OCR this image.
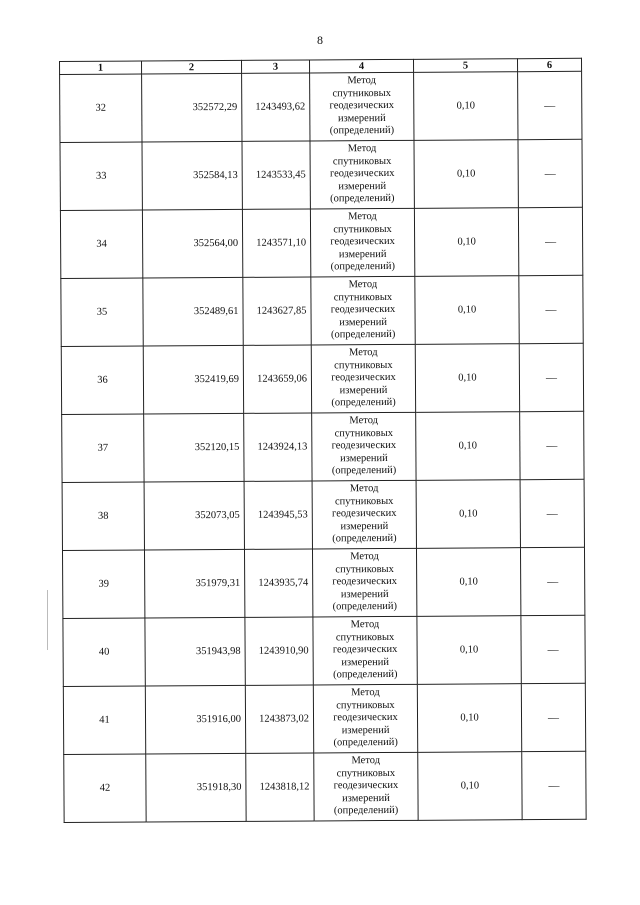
8
1	2	3	4	5	6
32	352572,29	1243493,62	Метод
спутниковых
геодезических
измерений
(определений)	0,10	—
33	352584,13	1243533,45	Метод
спутниковых
геодезических
измерений
(определений)	0,10	—
34	352564,00	1243571,10	Метод
спутниковых
геодезических
измерений
(определений)	0,10	—
35	352489,61	1243627,85	Метод
спутниковых
геодезических
измерений
(определений)	0,10	—
36	352419,69	1243659,06	Метод
спутниковых
геодезических
измерений
(определений)	0,10	—
37	352120,15	1243924,13	Метод
спутниковых
геодезических
измерений
(определений)	0,10	—
38	352073,05	1243945,53	Метод
спутниковых
геодезических
измерений
(определений)	0,10	—
39	351979,31	1243935,74	Метод
спутниковых
геодезических
измерений
(определений)	0,10	—
40	351943,98	1243910,90	Метод
спутниковых
геодезических
измерений
(определений)	0,10	—
41	351916,00	1243873,02	Метод
спутниковых
геодезических
измерений
(определений)	0,10	—
42	351918,30	1243818,12	Метод
спутниковых
геодезических
измерений
(определений)	0,10	—
